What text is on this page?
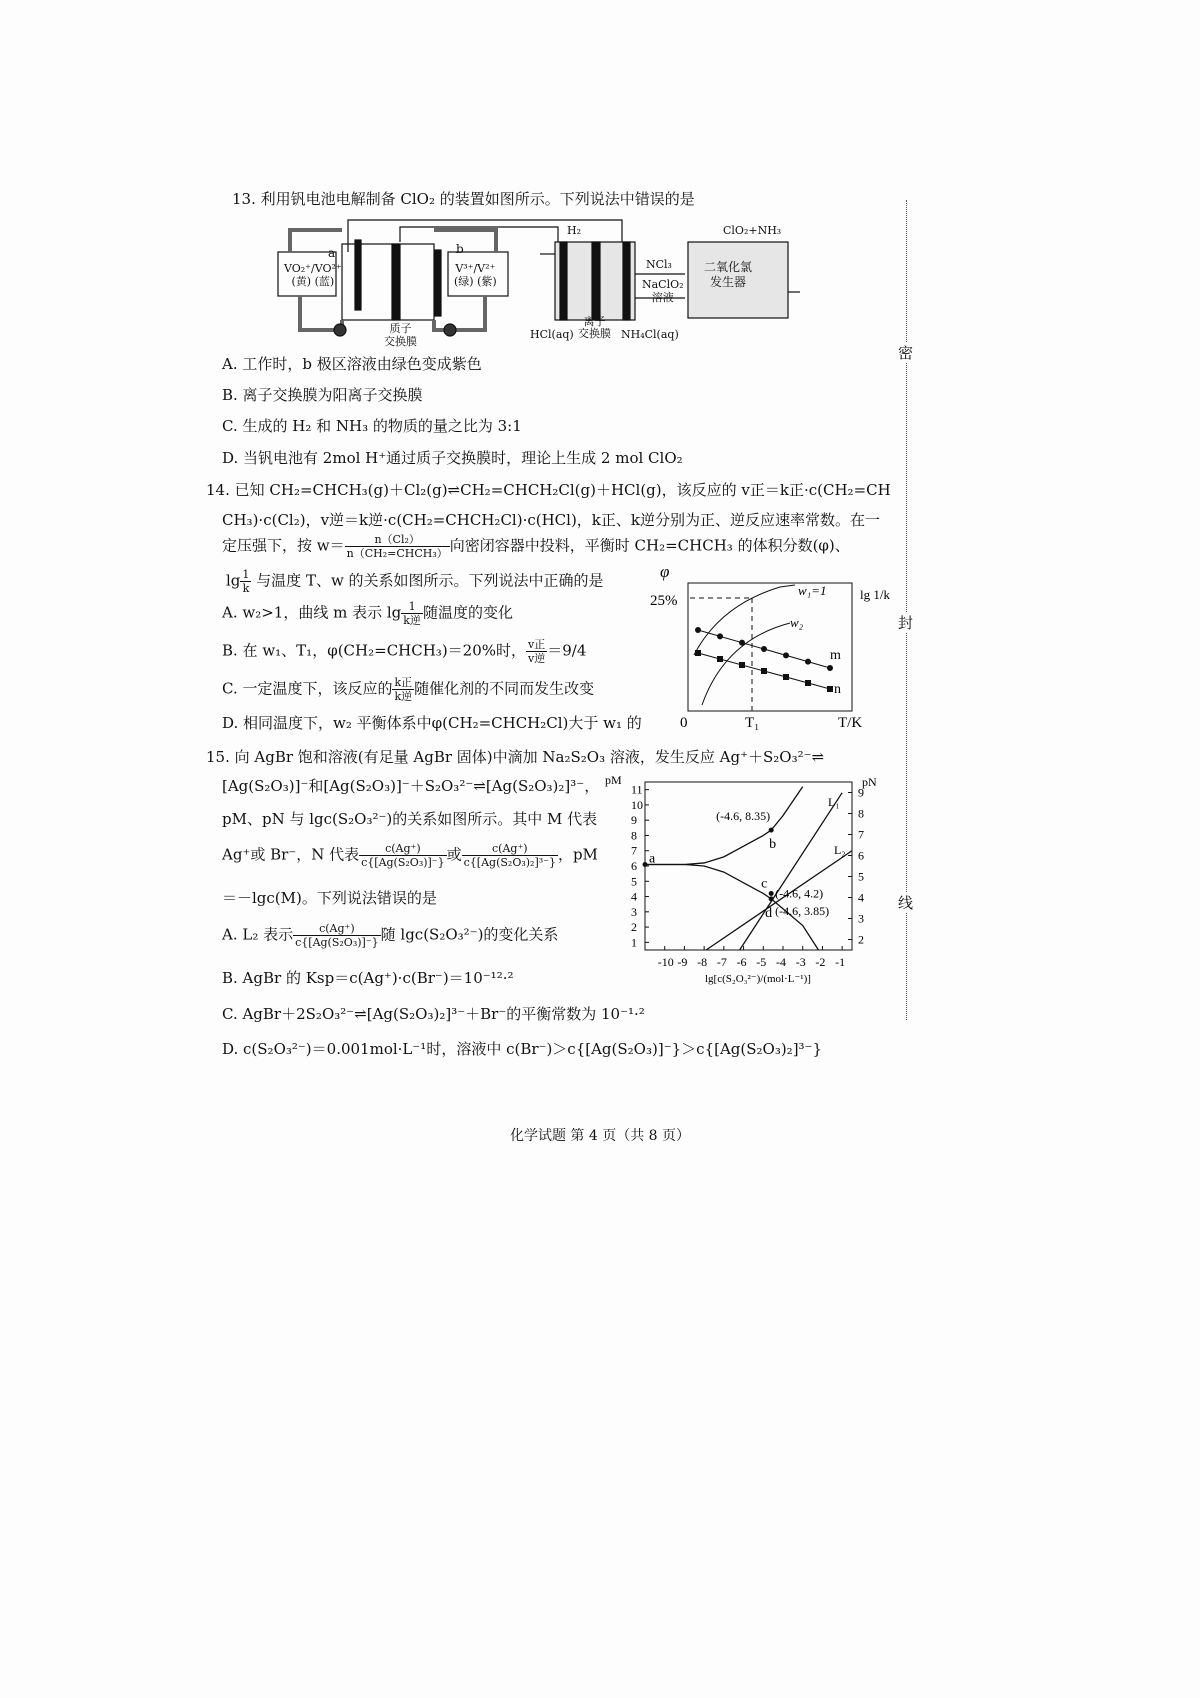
密
封
线
13. 利用钒电池电解制备 ClO₂ 的装置如图所示。下列说法中错误的是
VO₂⁺/VO²⁺
(黄) (蓝)
V³⁺/V²⁺
(绿) (紫)
a	b
质子
交换膜
H₂
NCl₃
NaClO₂
溶液
二氧化氯
发生器
ClO₂+NH₃
HCl(aq)
离子
交换膜 NH₄Cl(aq)
A. 工作时，b 极区溶液由绿色变成紫色
B. 离子交换膜为阳离子交换膜
C. 生成的 H₂ 和 NH₃ 的物质的量之比为 3:1
D. 当钒电池有 2mol H⁺通过质子交换膜时，理论上生成 2 mol ClO₂
14. 已知 CH₂=CHCH₃(g)＋Cl₂(g)⇌CH₂=CHCH₂Cl(g)＋HCl(g)，该反应的 v正＝k正·c(CH₂=CH
CH₃)·c(Cl₂)，v逆＝k逆·c(CH₂=CHCH₂Cl)·c(HCl)，k正、k逆分别为正、逆反应速率常数。在一
定压强下，按 $w= \frac{\text{n（Cl₂）}}{\text{n（CH₂=CHCH₃）}}$ 向密闭容器中投料，平衡时 CH₂=CHCH₃ 的体积分数(φ)、
$\lg \frac{1}{k}$ 与温度 T、w 的关系如图所示。下列说法中正确的是
A. w₂>1，曲线 m 表示 $\lg \frac{1}{\text{k逆}}$ 随温度的变化
B. 在 w₁、T₁，φ(CH₂=CHCH₃)＝20%时， $\frac{\text{v正}}{\text{v逆}} =9/4$
C. 一定温度下，该反应的 $\frac{\text{k正}}{\text{k逆}}$ 随催化剂的不同而发生改变
D. 相同温度下，w₂ 平衡体系中φ(CH₂=CHCH₂Cl)大于 w₁ 的
φ
25%
0	T₁	T/K
lg 1/k
w₁=1
w₂
m
n
15. 向 AgBr 饱和溶液(有足量 AgBr 固体)中滴加 Na₂S₂O₃ 溶液，发生反应 Ag⁺＋S₂O₃²⁻⇌
[Ag(S₂O₃)]⁻和[Ag(S₂O₃)]⁻＋S₂O₃²⁻⇌[Ag(S₂O₃)₂]³⁻，
pM、pN 与 lgc(S₂O₃²⁻)的关系如图所示。其中 M 代表
Ag⁺或 Br⁻，N 代表 $\frac{c(Ag^+)}{\text{c\{[Ag(S₂O₃)]⁻\}}}$ 或 $\frac{c(Ag^+)}{\text{c\{[Ag(S₂O₃)₂]³⁻\}}}$ ，pM
＝－lgc(M)。下列说法错误的是
A. L₂ 表示 $\frac{c(Ag^+)}{\text{c\{[Ag(S₂O₃)]⁻\}}}$ 随 lgc(S₂O₃²⁻)的变化关系
B. AgBr 的 Ksp＝c(Ag⁺)·c(Br⁻)＝10⁻¹²·²
C. AgBr＋2S₂O₃²⁻⇌[Ag(S₂O₃)₂]³⁻＋Br⁻的平衡常数为 10⁻¹·²
D. c(S₂O₃²⁻)＝0.001mol·L⁻¹时，溶液中 c(Br⁻)＞c{[Ag(S₂O₃)]⁻}＞c{[Ag(S₂O₃)₂]³⁻}
-10 -9 -8 -7 -6 -5 -4 -3 -2 -1
1
2
3
4
5
6
7
8
9
10
11
2
3
4
5
6
7
8
9
L₁
L₂
a
b
(-4.6, 8.35)
c
(-4.6, 4.2)
d (-4.6, 3.85)
pM	pN
lg[c(S₂O₃²⁻)/(mol·L⁻¹)]
化学试题 第 4 页（共 8 页）
